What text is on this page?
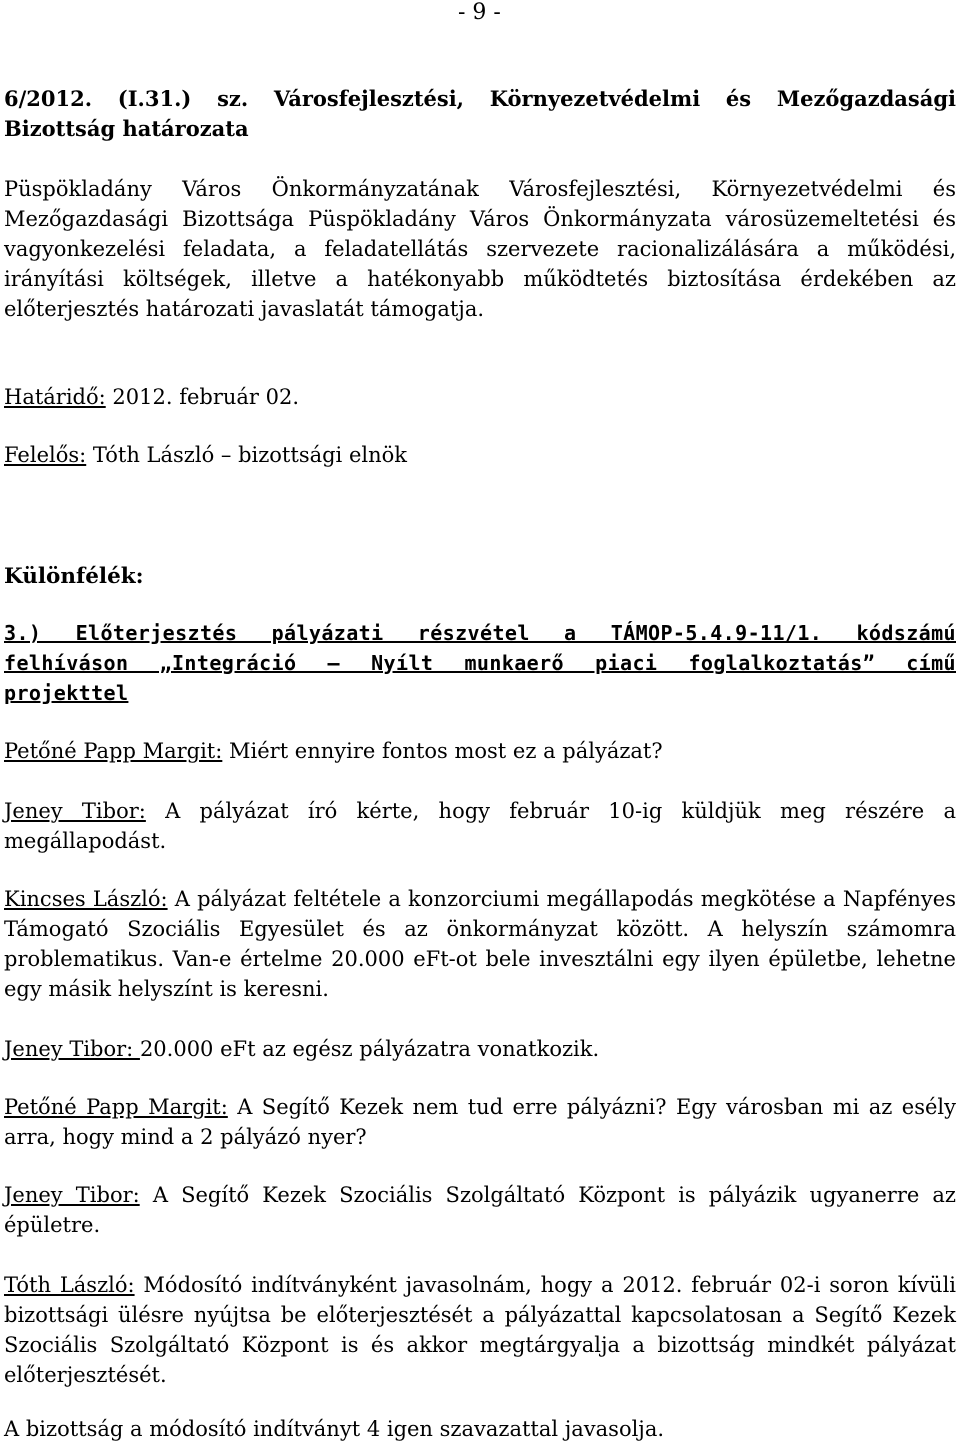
- 9 -
6/2012. (I.31.) sz. Városfejlesztési, Környezetvédelmi és Mezőgazdasági
Bizottság határozata

Püspökladány Város Önkormányzatának Városfejlesztési, Környezetvédelmi és Mezőgazdasági Bizottsága Püspökladány Város Önkormányzata városüzemeltetési és vagyonkezelési feladata, a feladatellátás szervezete racionalizálására a működési, irányítási költségek, illetve a hatékonyabb működtetés biztosítása érdekében az előterjesztés határozati javaslatát támogatja.

Határidő: 2012. február 02.

Felelős: Tóth László – bizottsági elnök

Különfélék:

3.) Előterjesztés pályázati részvétel a TÁMOP-5.4.9-11/1. kódszámú
felhíváson „Integráció – Nyílt munkaerő piaci foglalkoztatás” című
projekttel

Petőné Papp Margit: Miért ennyire fontos most ez a pályázat?

Jeney Tibor: A pályázat író kérte, hogy február 10-ig küldjük meg részére a megállapodást.

Kincses László: A pályázat feltétele a konzorciumi megállapodás megkötése a Napfényes Támogató Szociális Egyesület és az önkormányzat között. A helyszín számomra problematikus. Van-e értelme 20.000 eFt-ot bele invesztálni egy ilyen épületbe, lehetne egy másik helyszínt is keresni.

Jeney Tibor: 20.000 eFt az egész pályázatra vonatkozik.

Petőné Papp Margit: A Segítő Kezek nem tud erre pályázni? Egy városban mi az esély arra, hogy mind a 2 pályázó nyer?

Jeney Tibor: A Segítő Kezek Szociális Szolgáltató Központ is pályázik ugyanerre az épületre.

Tóth László: Módosító indítványként javasolnám, hogy a 2012. február 02-i soron kívüli bizottsági ülésre nyújtsa be előterjesztését a pályázattal kapcsolatosan a Segítő Kezek Szociális Szolgáltató Központ is és akkor megtárgyalja a bizottság mindkét pályázat előterjesztését.

A bizottság a módosító indítványt 4 igen szavazattal javasolja.
